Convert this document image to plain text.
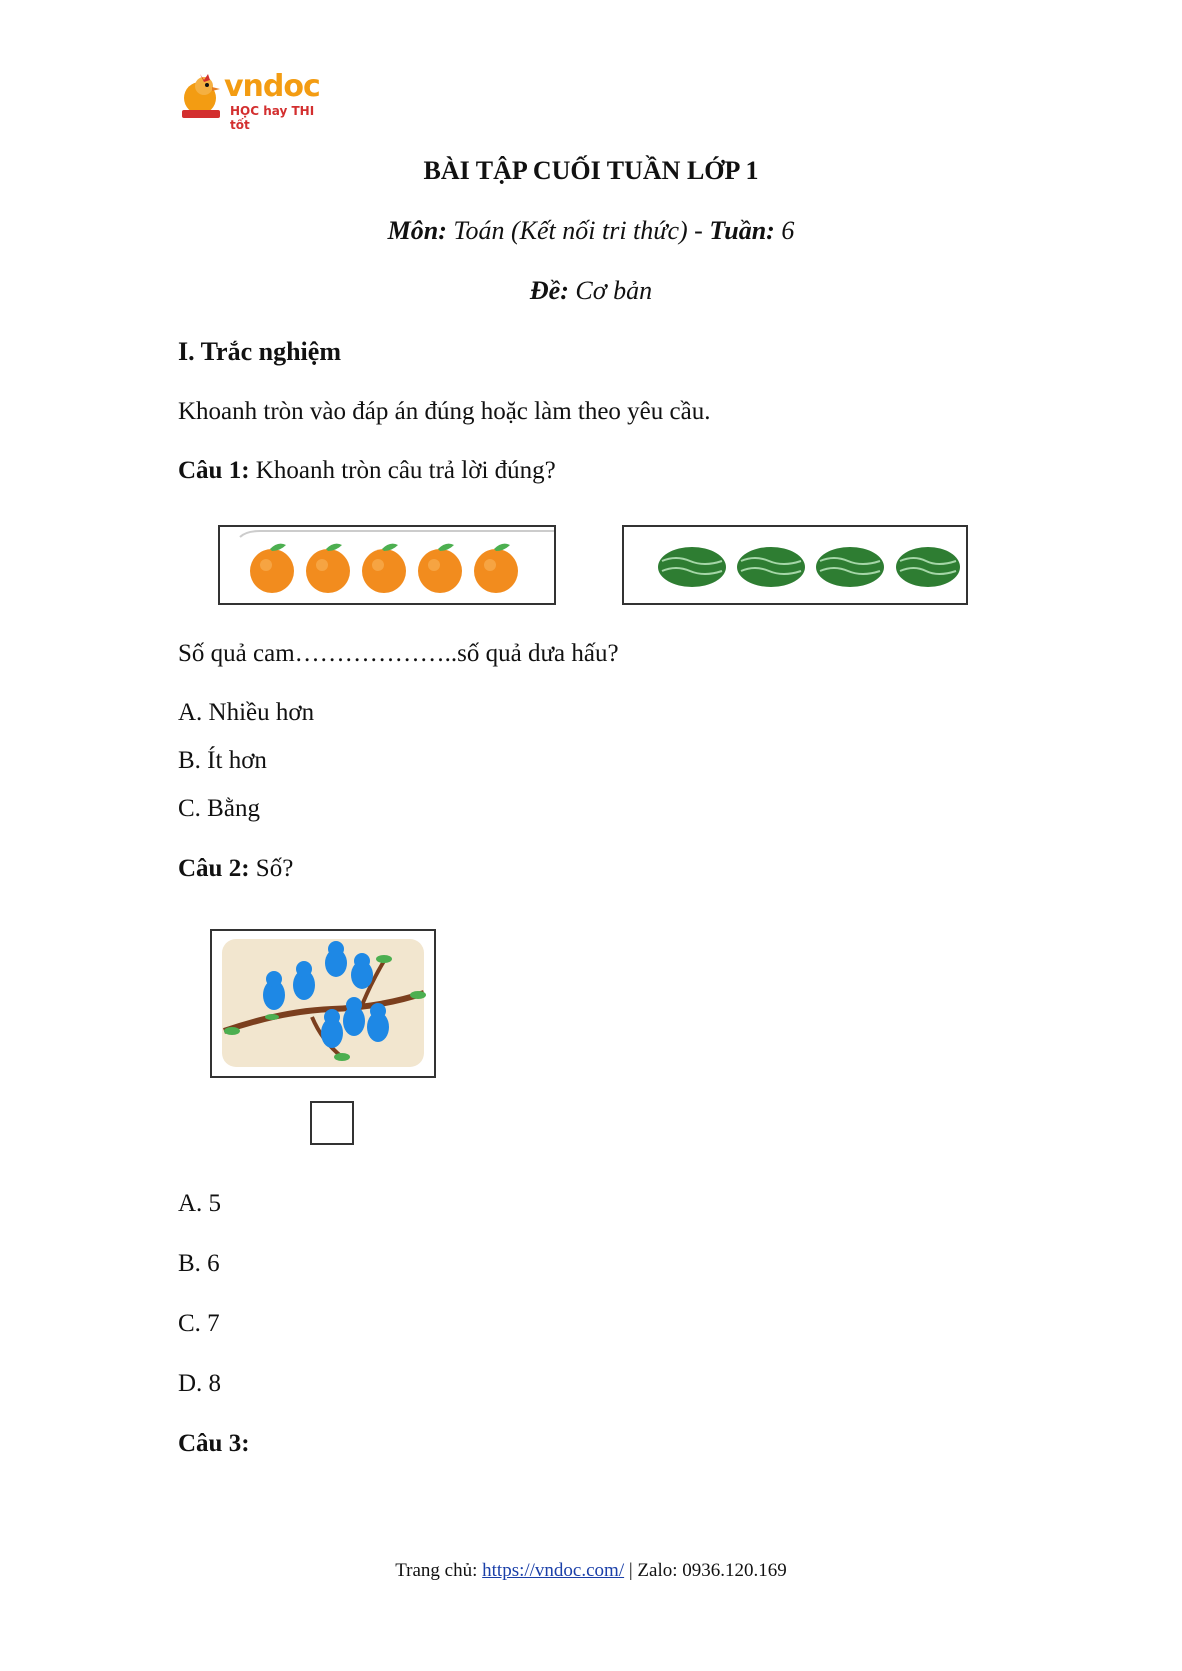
vndoc
HỌC hay THI tốt
BÀI TẬP CUỐI TUẦN LỚP 1
Môn: Toán (Kết nối tri thức) - Tuần: 6
Đề: Cơ bản
I. Trắc nghiệm
Khoanh tròn vào đáp án đúng hoặc làm theo yêu cầu.
Câu 1: Khoanh tròn câu trả lời đúng?
Số quả cam………………..số quả dưa hấu?
A. Nhiều hơn
B. Ít hơn
C. Bằng
Câu 2: Số?
A. 5
B. 6
C. 7
D. 8
Câu 3:
Trang chủ: https://vndoc.com/ | Zalo: 0936.120.169
